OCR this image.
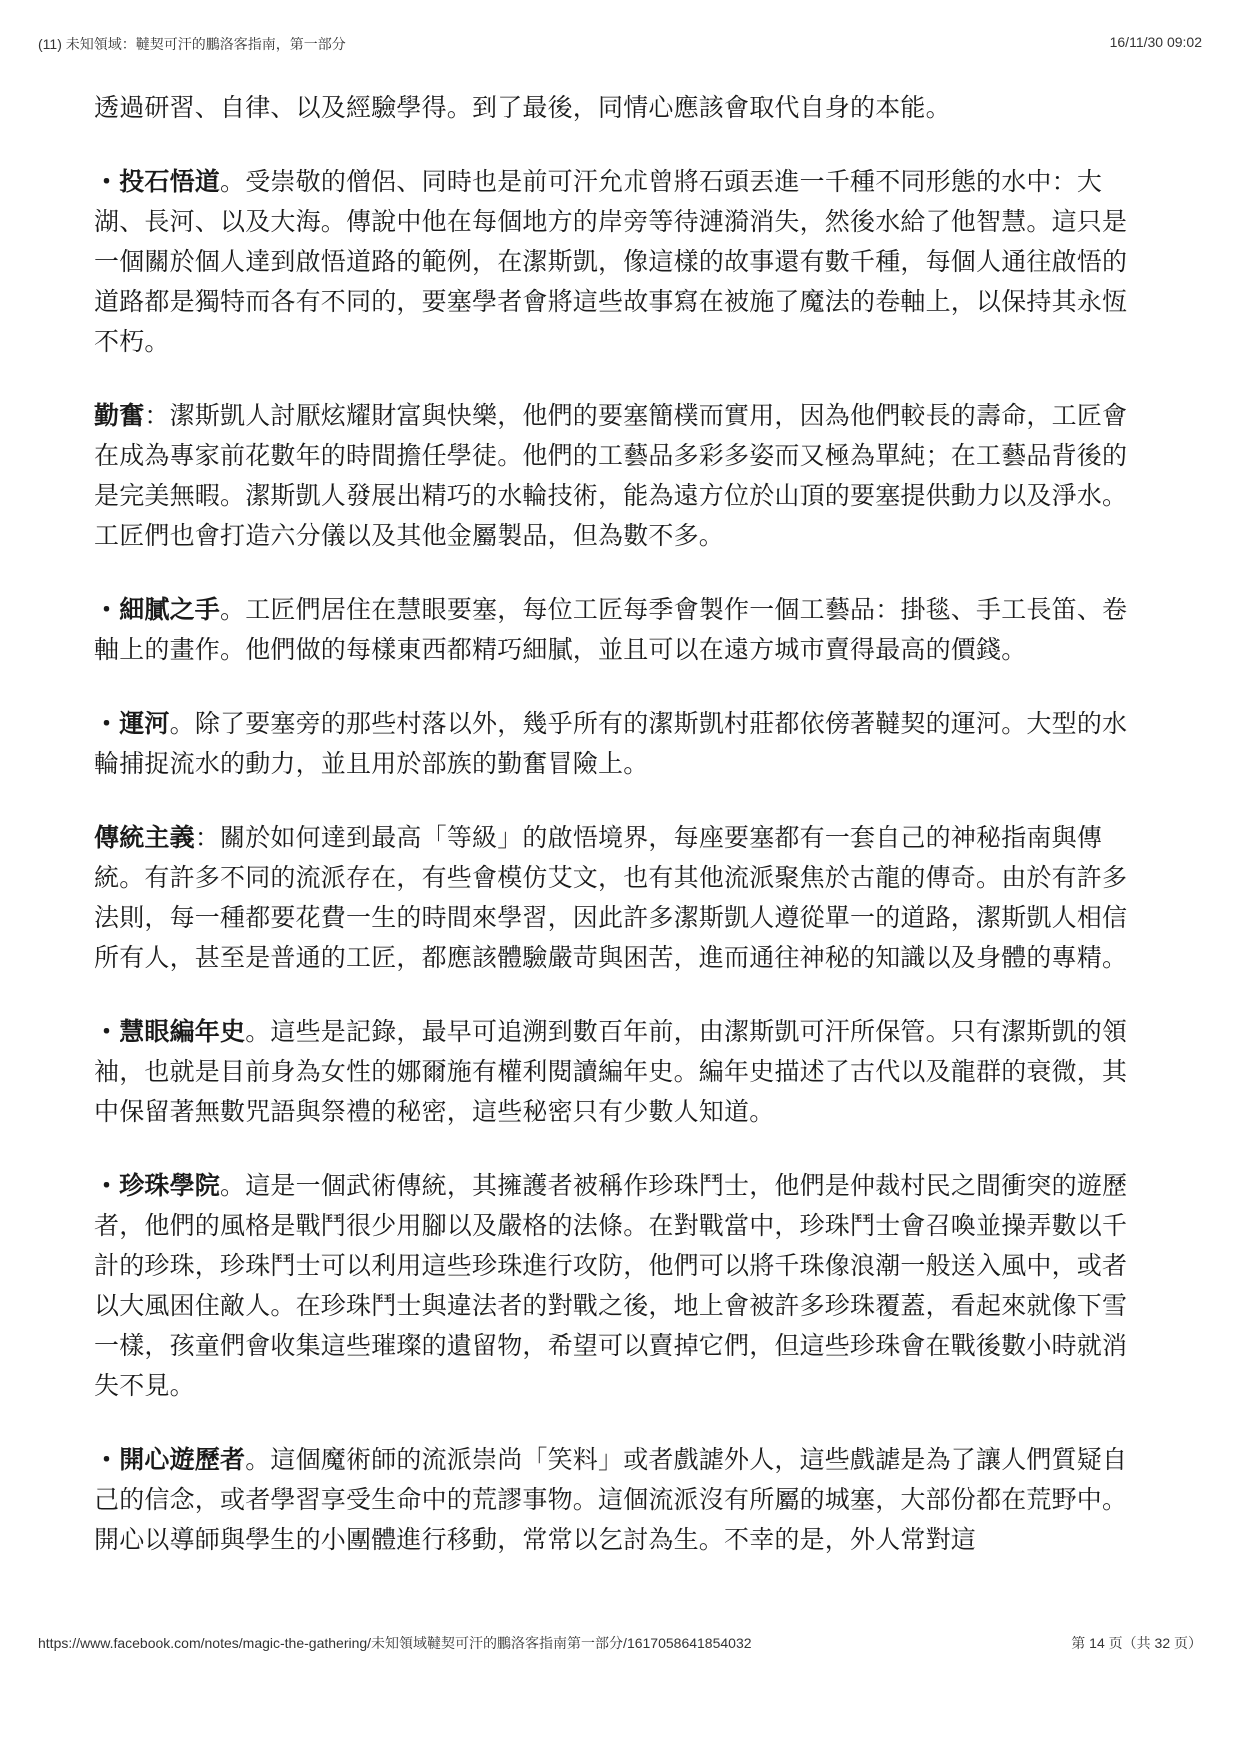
(11) 未知領域：韃契可汗的鵬洛客指南，第一部分	16/11/30 09:02

透過研習、自律、以及經驗學得。到了最後，同情心應該會取代自身的本能。

・投石悟道。受崇敬的僧侶、同時也是前可汗允朮曾將石頭丟進一千種不同形態的水中：大湖、長河、以及大海。傳說中他在每個地方的岸旁等待漣漪消失，然後水給了他智慧。這只是一個關於個人達到啟悟道路的範例，在潔斯凱，像這樣的故事還有數千種，每個人通往啟悟的道路都是獨特而各有不同的，要塞學者會將這些故事寫在被施了魔法的卷軸上，以保持其永恆不朽。

勤奮：潔斯凱人討厭炫耀財富與快樂，他們的要塞簡樸而實用，因為他們較長的壽命，工匠會在成為專家前花數年的時間擔任學徒。他們的工藝品多彩多姿而又極為單純；在工藝品背後的是完美無暇。潔斯凱人發展出精巧的水輪技術，能為遠方位於山頂的要塞提供動力以及淨水。工匠們也會打造六分儀以及其他金屬製品，但為數不多。

・細膩之手。工匠們居住在慧眼要塞，每位工匠每季會製作一個工藝品：掛毯、手工長笛、卷軸上的畫作。他們做的每樣東西都精巧細膩，並且可以在遠方城市賣得最高的價錢。

・運河。除了要塞旁的那些村落以外，幾乎所有的潔斯凱村莊都依傍著韃契的運河。大型的水輪捕捉流水的動力，並且用於部族的勤奮冒險上。

傳統主義：關於如何達到最高「等級」的啟悟境界，每座要塞都有一套自己的神秘指南與傳統。有許多不同的流派存在，有些會模仿艾文，也有其他流派聚焦於古龍的傳奇。由於有許多法則，每一種都要花費一生的時間來學習，因此許多潔斯凱人遵從單一的道路，潔斯凱人相信所有人，甚至是普通的工匠，都應該體驗嚴苛與困苦，進而通往神秘的知識以及身體的專精。

・慧眼編年史。這些是記錄，最早可追溯到數百年前，由潔斯凱可汗所保管。只有潔斯凱的領袖，也就是目前身為女性的娜爾施有權利閱讀編年史。編年史描述了古代以及龍群的衰微，其中保留著無數咒語與祭禮的秘密，這些秘密只有少數人知道。

・珍珠學院。這是一個武術傳統，其擁護者被稱作珍珠鬥士，他們是仲裁村民之間衝突的遊歷者，他們的風格是戰鬥很少用腳以及嚴格的法條。在對戰當中，珍珠鬥士會召喚並操弄數以千計的珍珠，珍珠鬥士可以利用這些珍珠進行攻防，他們可以將千珠像浪潮一般送入風中，或者以大風困住敵人。在珍珠鬥士與違法者的對戰之後，地上會被許多珍珠覆蓋，看起來就像下雪一樣，孩童們會收集這些璀璨的遺留物，希望可以賣掉它們，但這些珍珠會在戰後數小時就消失不見。

・開心遊歷者。這個魔術師的流派崇尚「笑料」或者戲謔外人，這些戲謔是為了讓人們質疑自己的信念，或者學習享受生命中的荒謬事物。這個流派沒有所屬的城塞，大部份都在荒野中。開心以導師與學生的小團體進行移動，常常以乞討為生。不幸的是，外人常對這

https://www.facebook.com/notes/magic-the-gathering/未知領域韃契可汗的鵬洛客指南第一部分/1617058641854032	第 14 页（共 32 页）
